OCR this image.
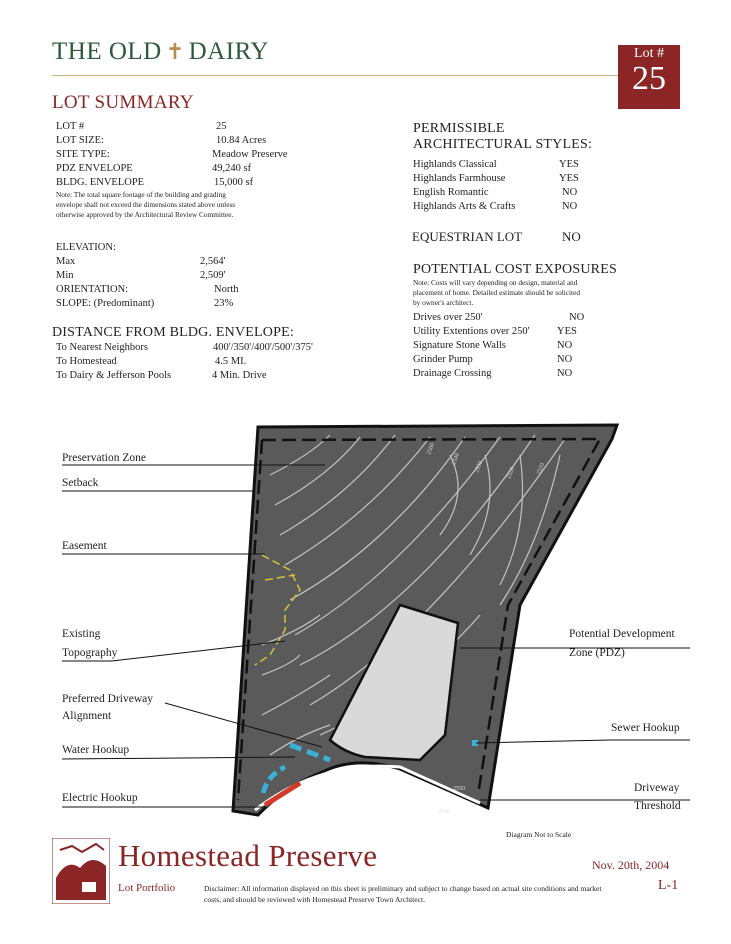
THE OLD ✝ DAIRY	Lot #
25
LOT SUMMARY
LOT #	25
LOT SIZE:	10.84 Acres
SITE TYPE:	Meadow Preserve
PDZ ENVELOPE	49,240 sf
BLDG. ENVELOPE	15,000 sf
Note: The total square footage of the building and grading
envelope shall not exceed the dimensions stated above unless
otherwise approved by the Architectural Review Committee.
ELEVATION:
Max	2,564'
Min	2,509'
ORIENTATION:	North
SLOPE: (Predominant)	23%
DISTANCE FROM BLDG. ENVELOPE:
To Nearest Neighbors	400'/350'/400'/500'/375'
To Homestead	4.5 MI.
To Dairy & Jefferson Pools	4 Min. Drive
PERMISSIBLE
ARCHITECTURAL STYLES:
Highlands Classical	YES
Highlands Farmhouse	YES
English Romantic	NO
Highlands Arts & Crafts	NO
EQUESTRIAN LOT	NO
POTENTIAL COST EXPOSURES
Note: Costs will vary depending on design, material and
placement of home. Detailed estimate should be solicited
by owner's architect.
Drives over 250'	NO
Utility Extentions over 250'	YES
Signature Stone Walls	NO
Grinder Pump	NO
Drainage Crossing	NO
2540
2530	2520	2510
2560
2550
2500
Preservation Zone
Setback
Easement
Existing
Topography
Preferred Driveway
Alignment
Water Hookup
Electric Hookup
Potential Development
Zone (PDZ)
Sewer Hookup
Driveway
Threshold
Diagram Not to Scale
Homestead Preserve
Lot Portfolio	Disclaimer: All information displayed on this sheet is preliminary and subject to change based on actual site conditions and market costs, and should be reviewed with Homestead Preserve Town Architect.
Nov. 20th, 2004
L-1
